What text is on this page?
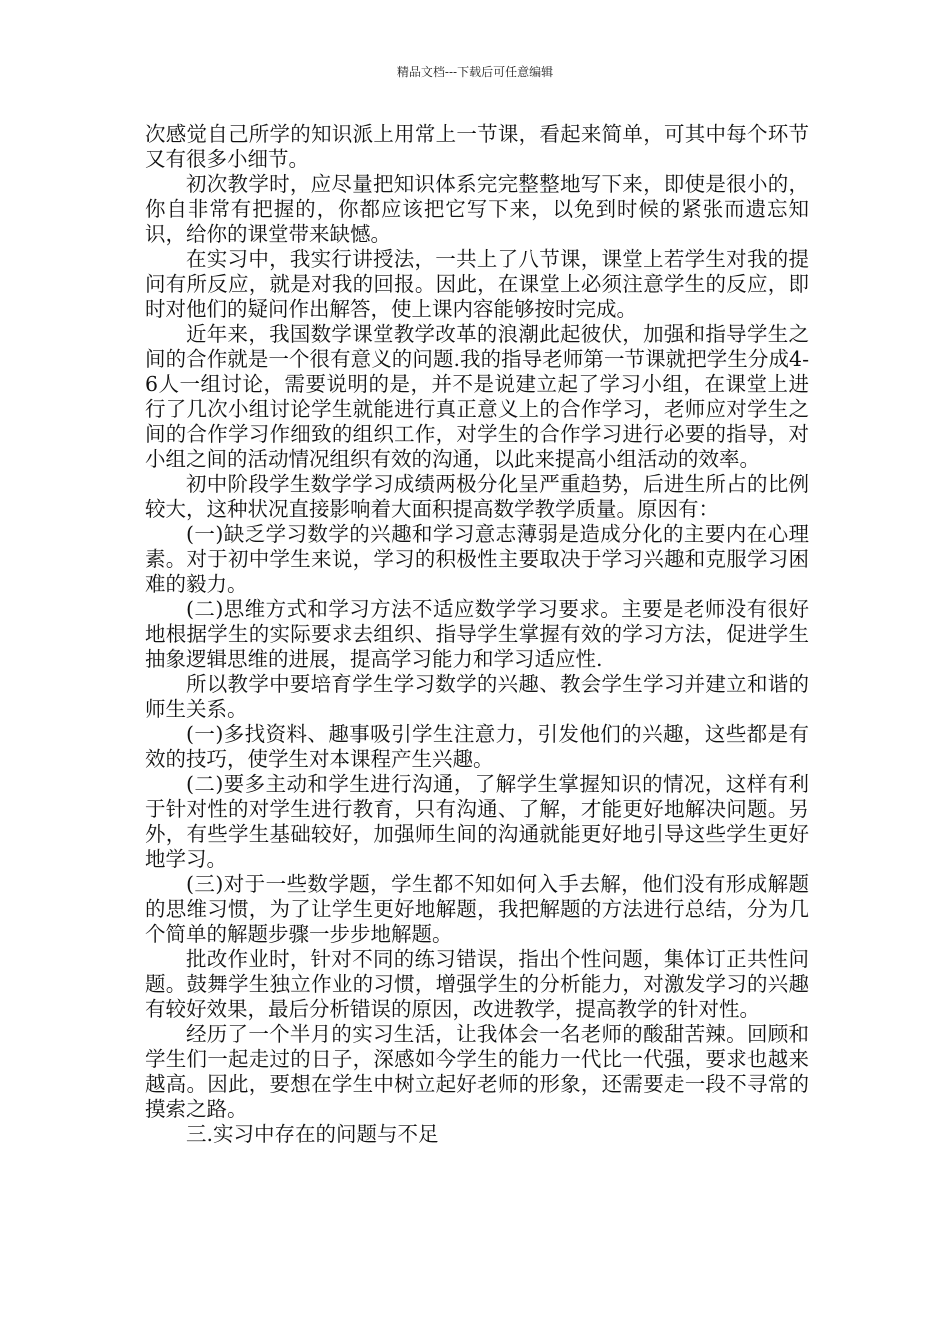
精品文档---下载后可任意编辑

次感觉自己所学的知识派上用常上一节课，看起来简单，可其中每个环节又有很多小细节。

初次教学时，应尽量把知识体系完完整整地写下来，即使是很小的，你自非常有把握的，你都应该把它写下来，以免到时候的紧张而遗忘知识，给你的课堂带来缺憾。

在实习中，我实行讲授法，一共上了八节课，课堂上若学生对我的提问有所反应，就是对我的回报。因此，在课堂上必须注意学生的反应，即时对他们的疑问作出解答，使上课内容能够按时完成。

近年来，我国数学课堂教学改革的浪潮此起彼伏，加强和指导学生之间的合作就是一个很有意义的问题.我的指导老师第一节课就把学生分成4-6人一组讨论，需要说明的是，并不是说建立起了学习小组，在课堂上进行了几次小组讨论学生就能进行真正意义上的合作学习，老师应对学生之间的合作学习作细致的组织工作，对学生的合作学习进行必要的指导，对小组之间的活动情况组织有效的沟通，以此来提高小组活动的效率。

初中阶段学生数学学习成绩两极分化呈严重趋势，后进生所占的比例较大，这种状况直接影响着大面积提高数学教学质量。原因有：

(一)缺乏学习数学的兴趣和学习意志薄弱是造成分化的主要内在心理素。对于初中学生来说，学习的积极性主要取决于学习兴趣和克服学习困难的毅力。

(二)思维方式和学习方法不适应数学学习要求。主要是老师没有很好地根据学生的实际要求去组织、指导学生掌握有效的学习方法，促进学生抽象逻辑思维的进展，提高学习能力和学习适应性.

所以教学中要培育学生学习数学的兴趣、教会学生学习并建立和谐的师生关系。

(一)多找资料、趣事吸引学生注意力，引发他们的兴趣，这些都是有效的技巧，使学生对本课程产生兴趣。

(二)要多主动和学生进行沟通，了解学生掌握知识的情况，这样有利于针对性的对学生进行教育，只有沟通、了解，才能更好地解决问题。另外，有些学生基础较好，加强师生间的沟通就能更好地引导这些学生更好地学习。

(三)对于一些数学题，学生都不知如何入手去解，他们没有形成解题的思维习惯，为了让学生更好地解题，我把解题的方法进行总结，分为几个简单的解题步骤一步步地解题。

批改作业时，针对不同的练习错误，指出个性问题，集体订正共性问题。鼓舞学生独立作业的习惯，增强学生的分析能力，对激发学习的兴趣有较好效果，最后分析错误的原因，改进教学，提高教学的针对性。

经历了一个半月的实习生活，让我体会一名老师的酸甜苦辣。回顾和学生们一起走过的日子，深感如今学生的能力一代比一代强，要求也越来越高。因此，要想在学生中树立起好老师的形象，还需要走一段不寻常的摸索之路。

三.实习中存在的问题与不足
